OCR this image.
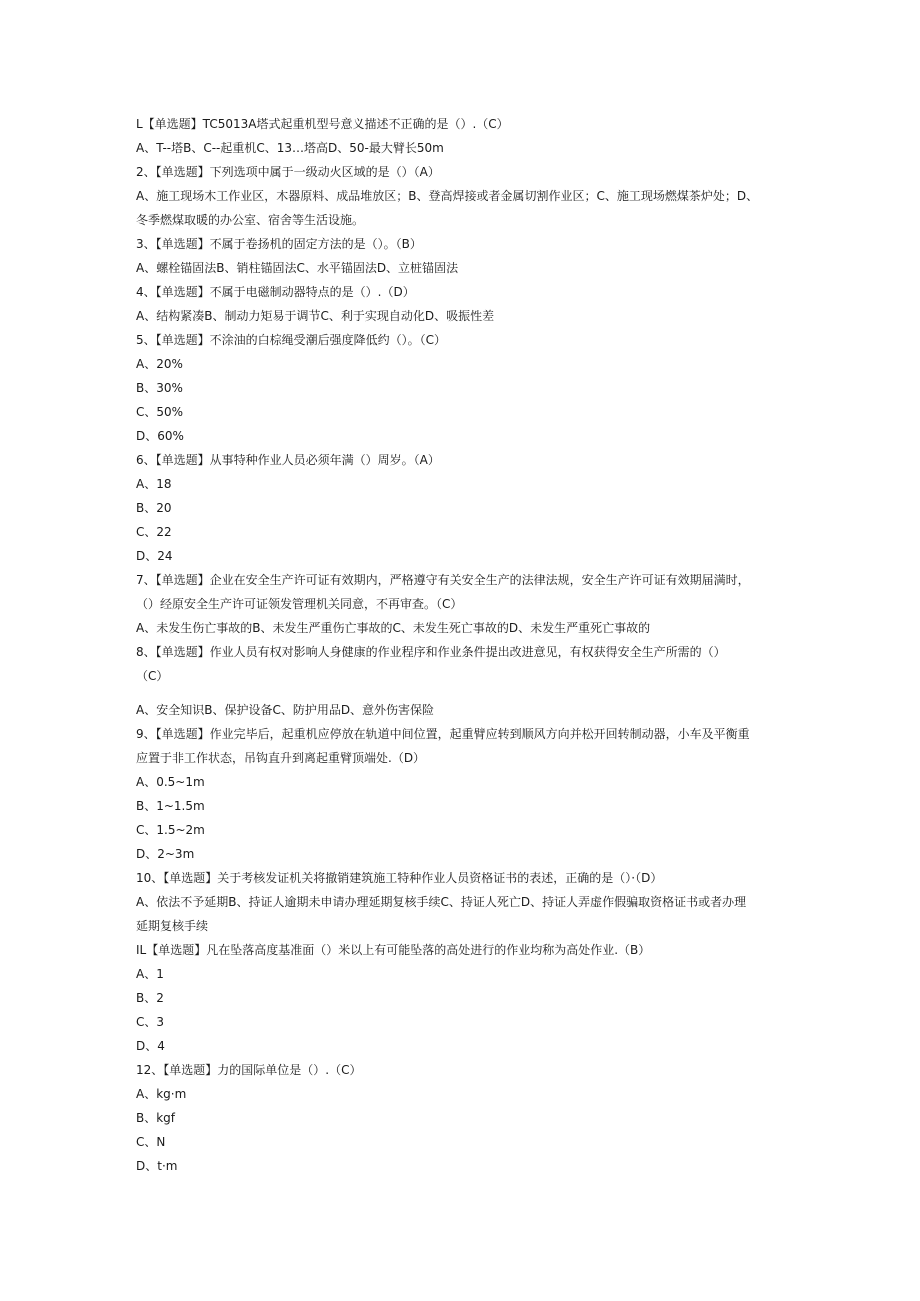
L【单选题】TC5013A塔式起重机型号意义描述不正确的是（）.（C）
A、T--塔B、C--起重机C、13…塔高D、50-最大臂长50m
2、【单选题】下列选项中属于一级动火区域的是（）（A）
A、施工现场木工作业区，木器原料、成品堆放区；B、登高焊接或者金属切割作业区；C、施工现场燃煤茶炉处；D、
冬季燃煤取暖的办公室、宿舍等生活设施。
3、【单选题】不属于卷扬机的固定方法的是（）。（B）
A、螺栓锚固法B、销柱锚固法C、水平锚固法D、立桩锚固法
4、【单选题】不属于电磁制动器特点的是（）.（D）
A、结构紧凑B、制动力矩易于调节C、利于实现自动化D、吸振性差
5、【单选题】不涂油的白棕绳受潮后强度降低约（）。（C）
A、20%
B、30%
C、50%
D、60%
6、【单选题】从事特种作业人员必须年满（）周岁。（A）
A、18
B、20
C、22
D、24
7、【单选题】企业在安全生产许可证有效期内，严格遵守有关安全生产的法律法规，安全生产许可证有效期届满时，
（）经原安全生产许可证领发管理机关同意，不再审查。（C）
A、未发生伤亡事故的B、未发生严重伤亡事故的C、未发生死亡事故的D、未发生严重死亡事故的
8、【单选题】作业人员有权对影响人身健康的作业程序和作业条件提出改进意见，有权获得安全生产所需的（）
（C）
A、安全知识B、保护设备C、防护用品D、意外伤害保险
9、【单选题】作业完毕后，起重机应停放在轨道中间位置，起重臂应转到顺风方向并松开回转制动器，小车及平衡重
应置于非工作状态，吊钩直升到离起重臂顶端处.（D）
A、0.5~1m
B、1~1.5m
C、1.5~2m
D、2~3m
10、【单选题】关于考核发证机关将撤销建筑施工特种作业人员资格证书的表述，正确的是（）·（D）
A、依法不予延期B、持证人逾期未申请办理延期复核手续C、持证人死亡D、持证人弄虚作假骗取资格证书或者办理
延期复核手续
IL【单选题】凡在坠落高度基准面（）米以上有可能坠落的高处进行的作业均称为高处作业.（B）
A、1
B、2
C、3
D、4
12、【单选题】力的国际单位是（）.（C）
A、kg·m
B、kgf
C、N
D、t·m
